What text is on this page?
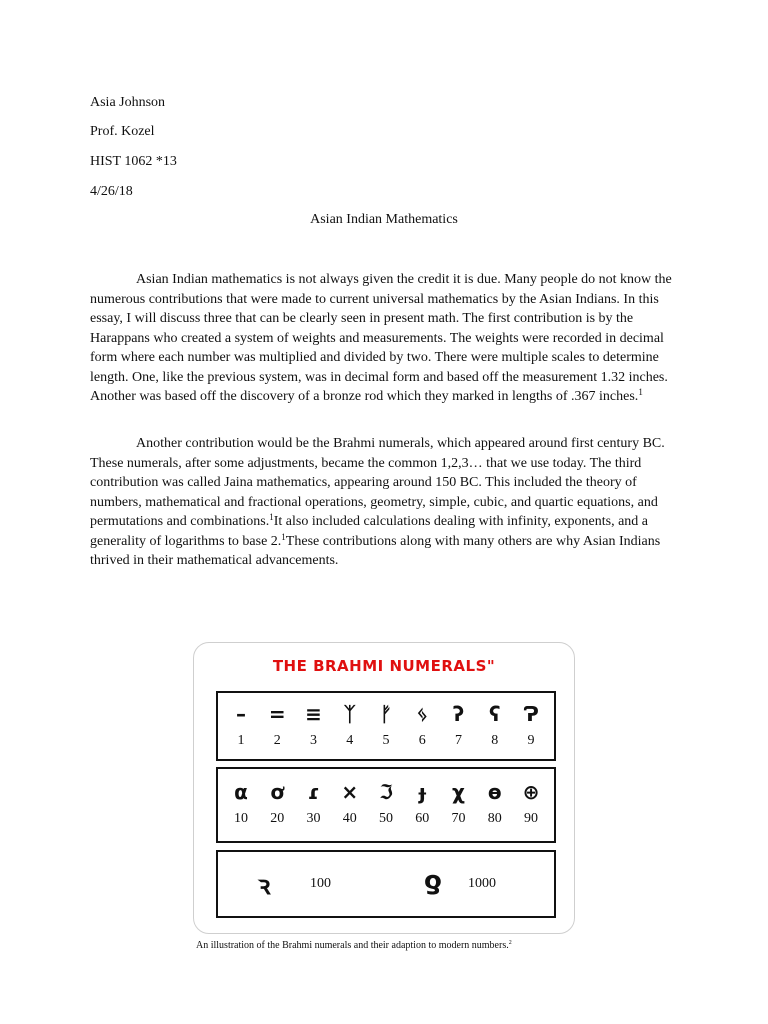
Asia Johnson
Prof. Kozel
HIST 1062 *13
4/26/18
Asian Indian Mathematics
Asian Indian mathematics is not always given the credit it is due. Many people do not know the numerous contributions that were made to current universal mathematics by the Asian Indians. In this essay, I will discuss three that can be clearly seen in present math. The first contribution is by the Harappans who created a system of weights and measurements. The weights were recorded in decimal form where each number was multiplied and divided by two. There were multiple scales to determine length. One, like the previous system, was in decimal form and based off the measurement 1.32 inches. Another was based off the discovery of a bronze rod which they marked in lengths of .367 inches.$^1$
Another contribution would be the Brahmi numerals, which appeared around first century BC. These numerals, after some adjustments, became the common 1,2,3… that we use today. The third contribution was called Jaina mathematics, appearing around 150 BC. This included the theory of numbers, mathematical and fractional operations, geometry, simple, cubic, and quartic equations, and permutations and combinations.$^1$It also included calculations dealing with infinity, exponents, and a generality of logarithms to base 2.$^1$These contributions along with many others are why Asian Indians thrived in their mathematical advancements.
THE BRAHMI NUMERALS"
–
1
=
2
≡
3
ᛉ
4
ᚠ
5
ᛃ
6
ʔ
7
ʕ
8
Ɂ
9
α
10
ơ
20
ɾ
30
×
40
ℑ
50
ɟ
60
χ
70
ɵ
80
⊕
90
ꝛ	100	ƍ 1000
An illustration of the Brahmi numerals and their adaption to modern numbers.$^2$
